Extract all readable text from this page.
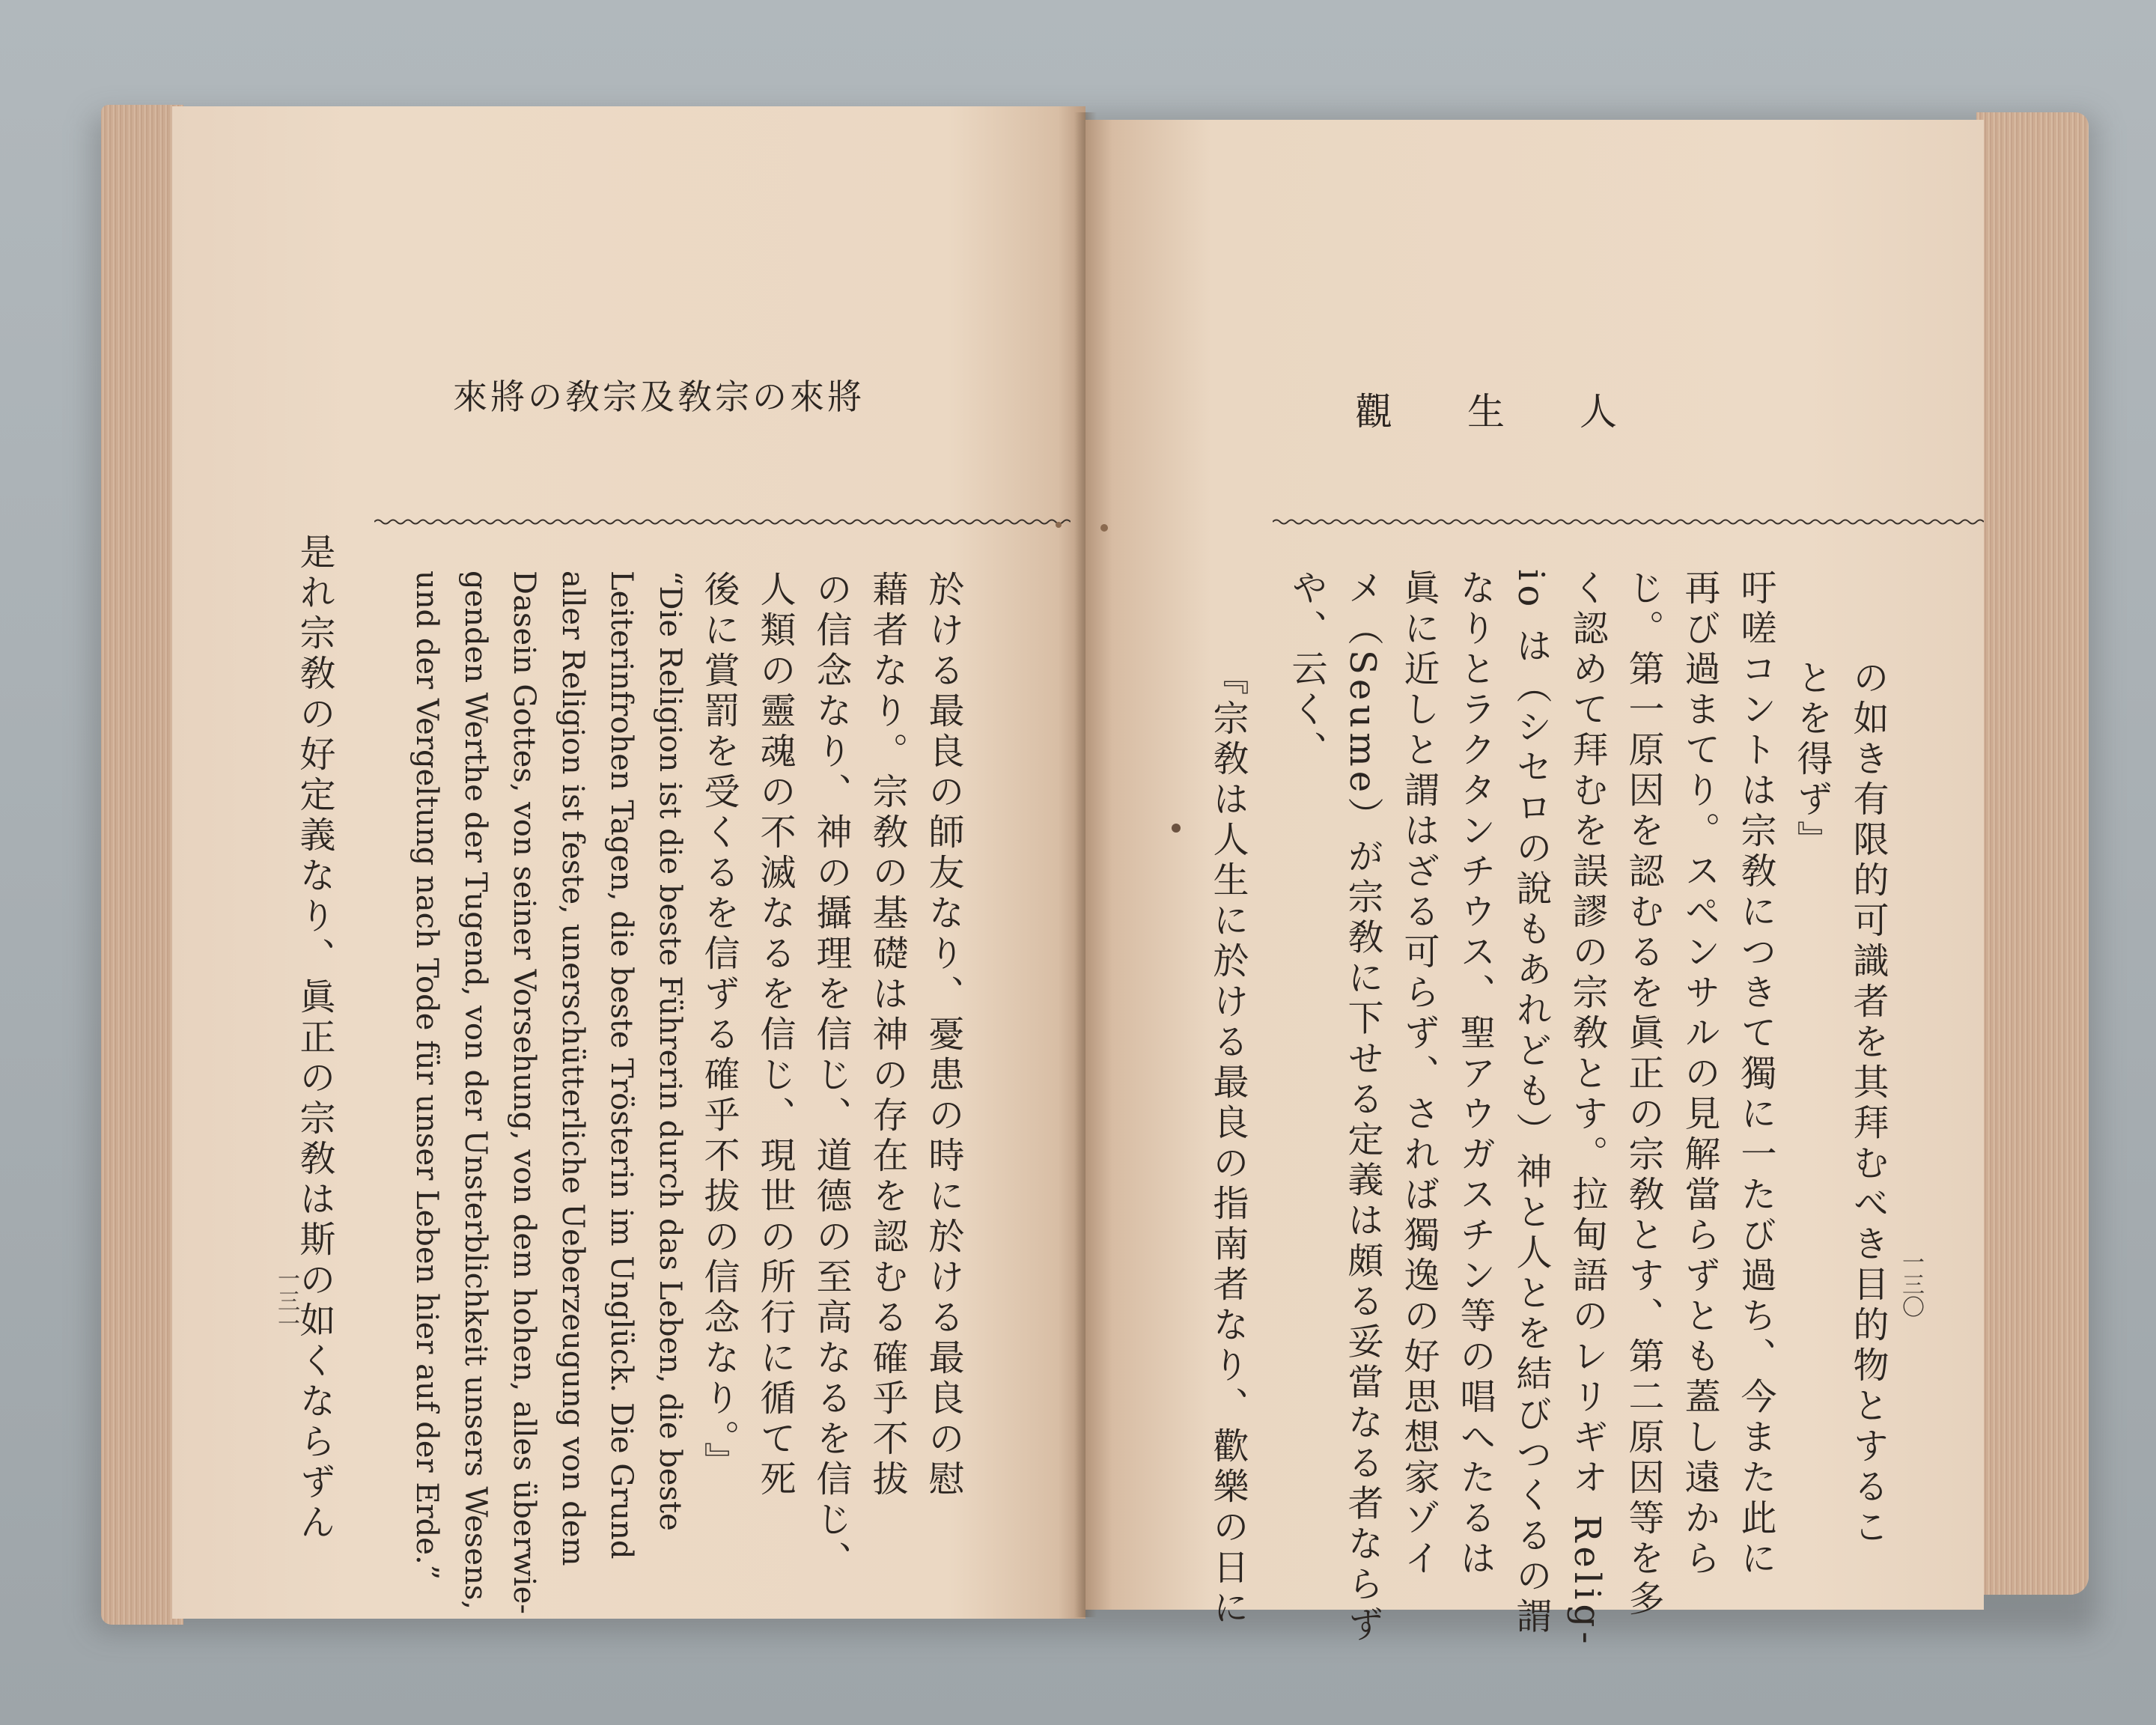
來將の敎宗及敎宗の來將
於ける最良の師友なり、憂患の時に於ける最良の慰
藉者なり。宗敎の基礎は神の存在を認むる確乎不拔
の信念なり、神の攝理を信じ、道德の至高なるを信じ、
人類の靈魂の不滅なるを信じ、現世の所行に循て死
後に賞罰を受くるを信ずる確乎不拔の信念なり。』
“Die Religion ist die beste Führerin durch das Leben, die beste
Leiterinfrohen Tagen, die beste Trösterin im Unglück. Die Grund
aller Religion ist feste, unerschütterliche Ueberzeugung von dem
Dasein Gottes, von seiner Vorsehung, von dem hohen, alles überwie-
genden Werthe der Tugend, von der Unsterblichkeit unsers Wesens,
und der Vergeltung nach Tode für unser Leben hier auf der Erde.”
是れ宗敎の好定義なり、眞正の宗敎は斯の如くならずん
一三一
觀　　生　　人
の如き有限的可識者を其拜むべき目的物とするこ
とを得ず』
吁嗟コントは宗敎につきて獨に一たび過ち、今また此に
再び過まてり。スペンサルの見解當らずとも蓋し遠から
じ。第一原因を認むるを眞正の宗敎とす、第二原因等を多
く認めて拜むを誤謬の宗敎とす。拉甸語のレリギオ Relig-
io は（シセロの說もあれども）神と人とを結びつくるの謂
なりとラクタンチウス、聖アウガスチン等の唱へたるは
眞に近しと謂はざる可らず、されば獨逸の好思想家ゾイ
メ（Seume）が宗敎に下せる定義は頗る妥當なる者ならず
や、云く、
『宗敎は人生に於ける最良の指南者なり、歡樂の日に	一三〇
